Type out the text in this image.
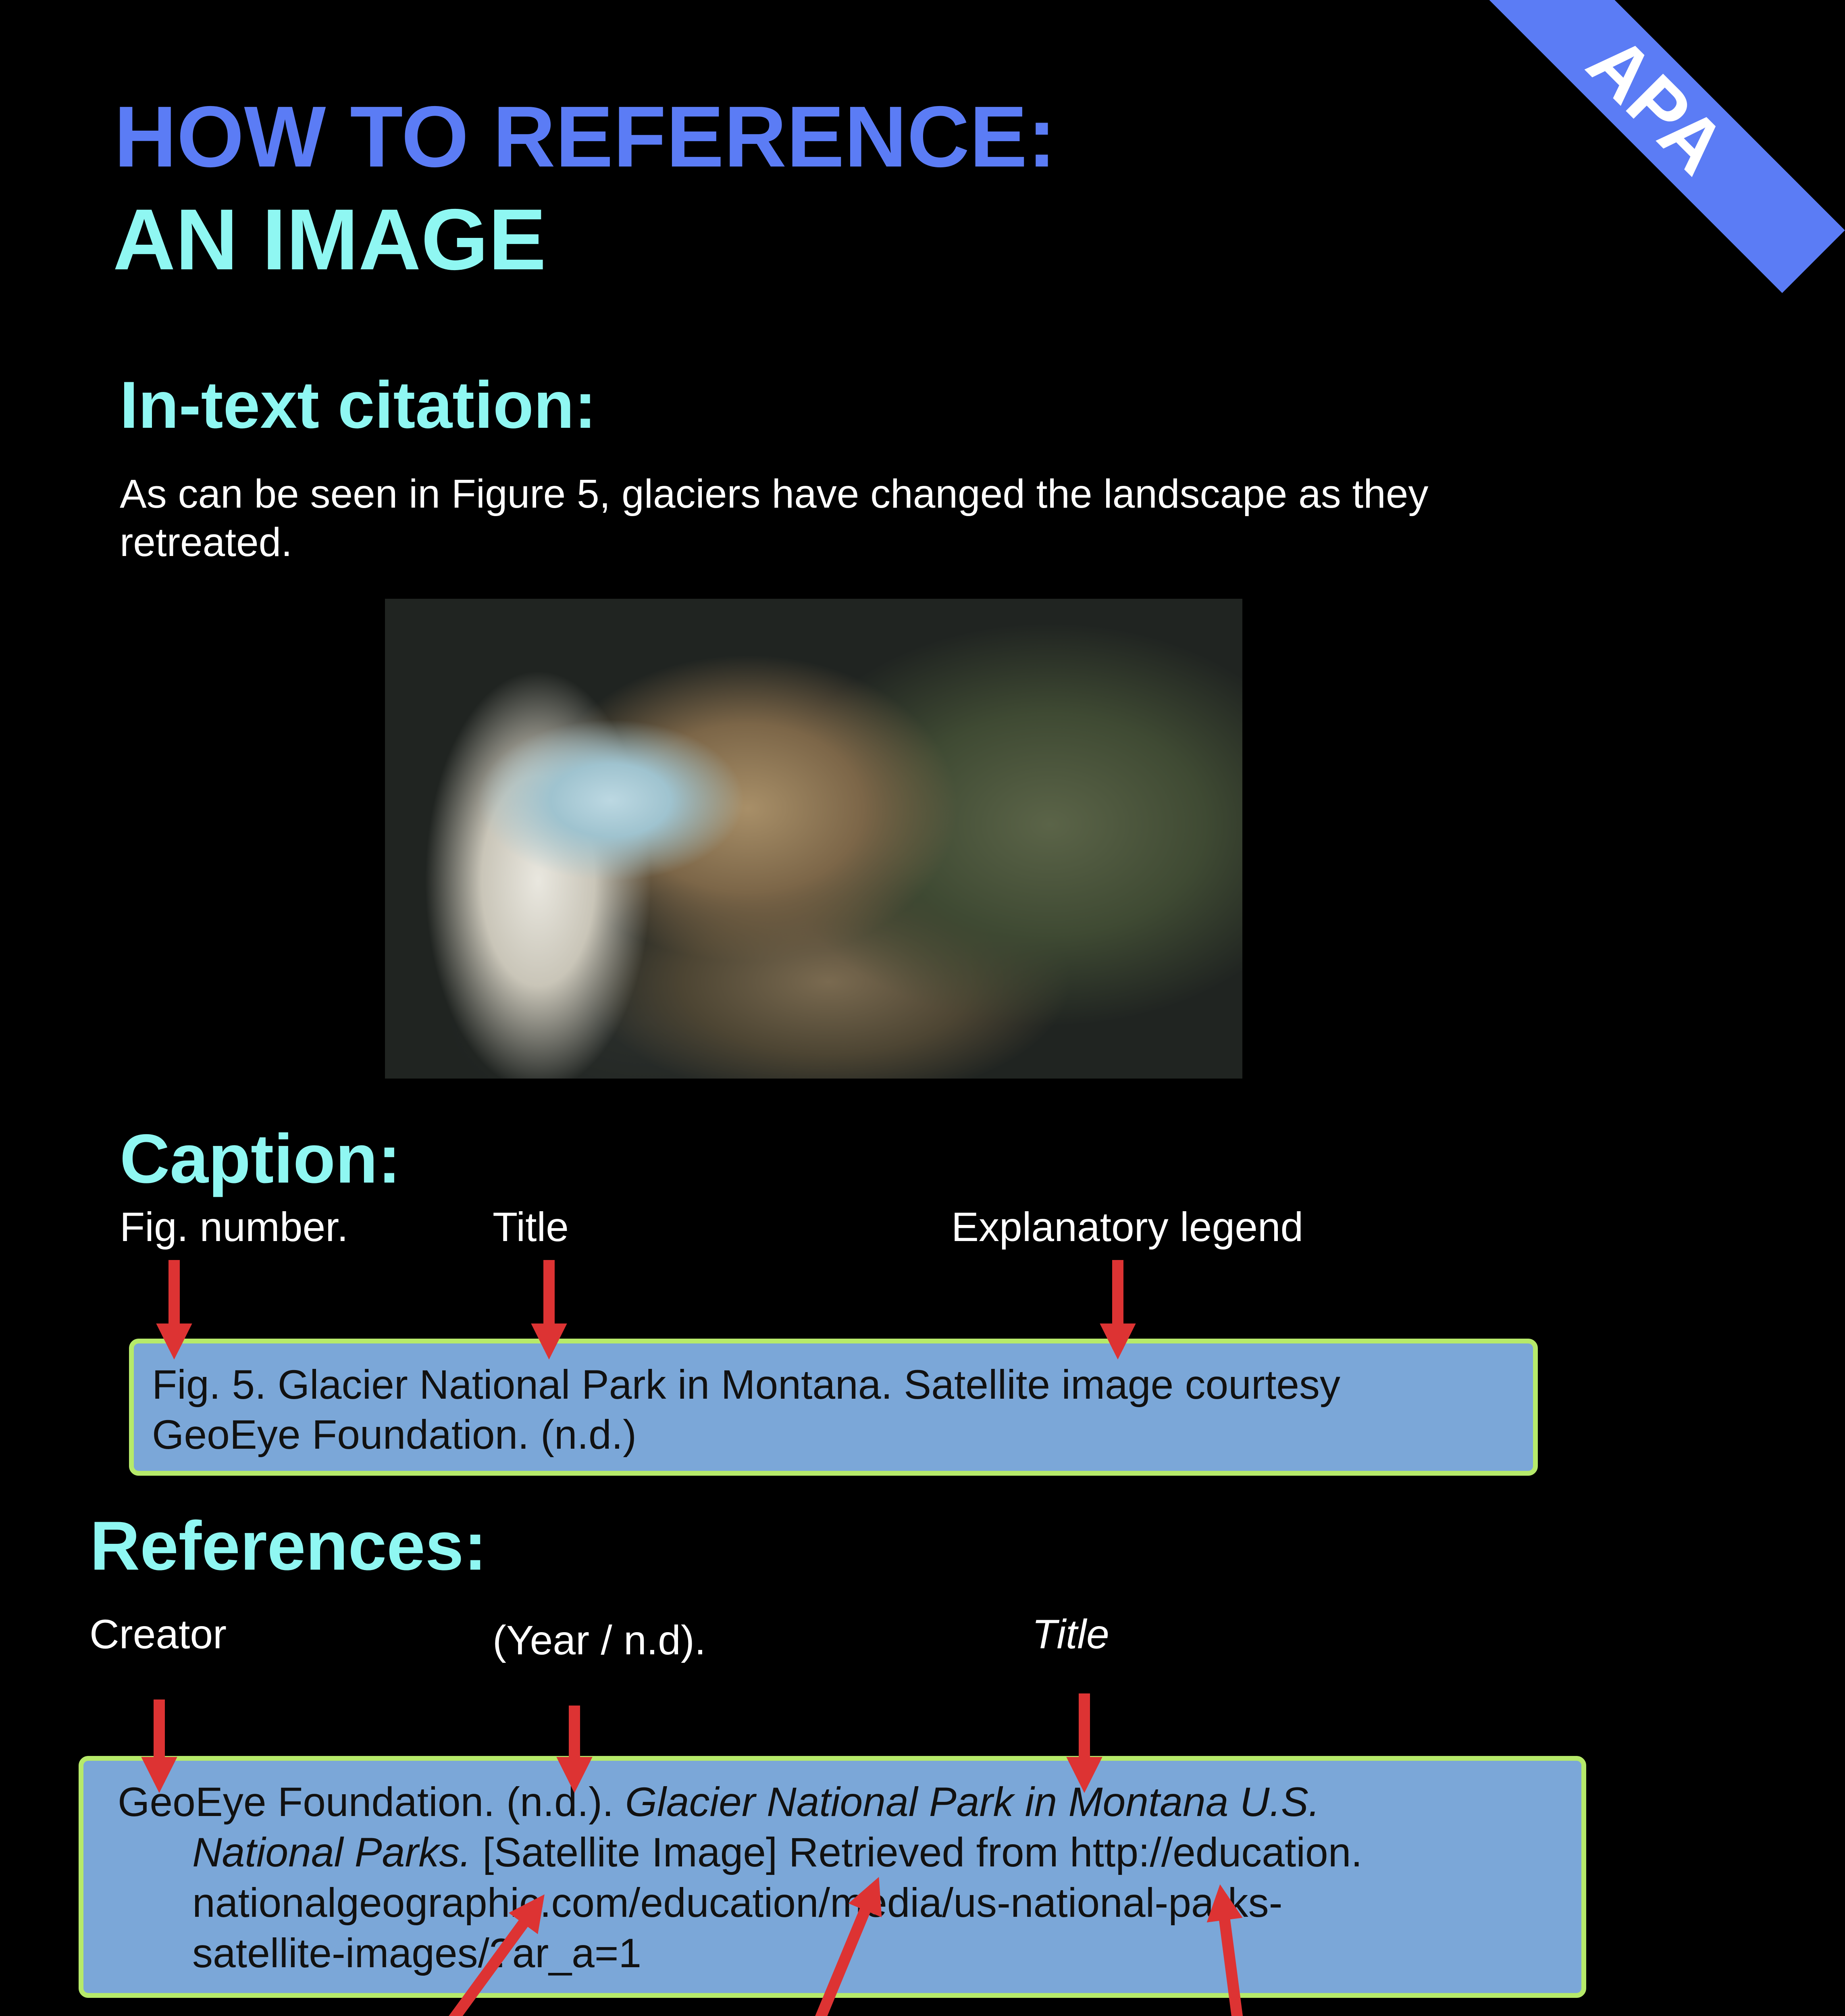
APA
HOW TO REFERENCE:
AN IMAGE
In-text citation:
As can be seen in Figure 5, glaciers have changed the landscape as they
retreated.
Caption:
Fig. number.	Title	Explanatory legend
Fig. 5. Glacier National Park in Montana. Satellite image courtesy
GeoEye Foundation. (n.d.)
References:
Creator	(Year / n.d).	Title
GeoEye Foundation. (n.d.). Glacier National Park in Montana U.S.
National Parks. [Satellite Image] Retrieved from http://education.
nationalgeographic.com/education/media/us-national-parks-
satellite-images/?ar_a=1
